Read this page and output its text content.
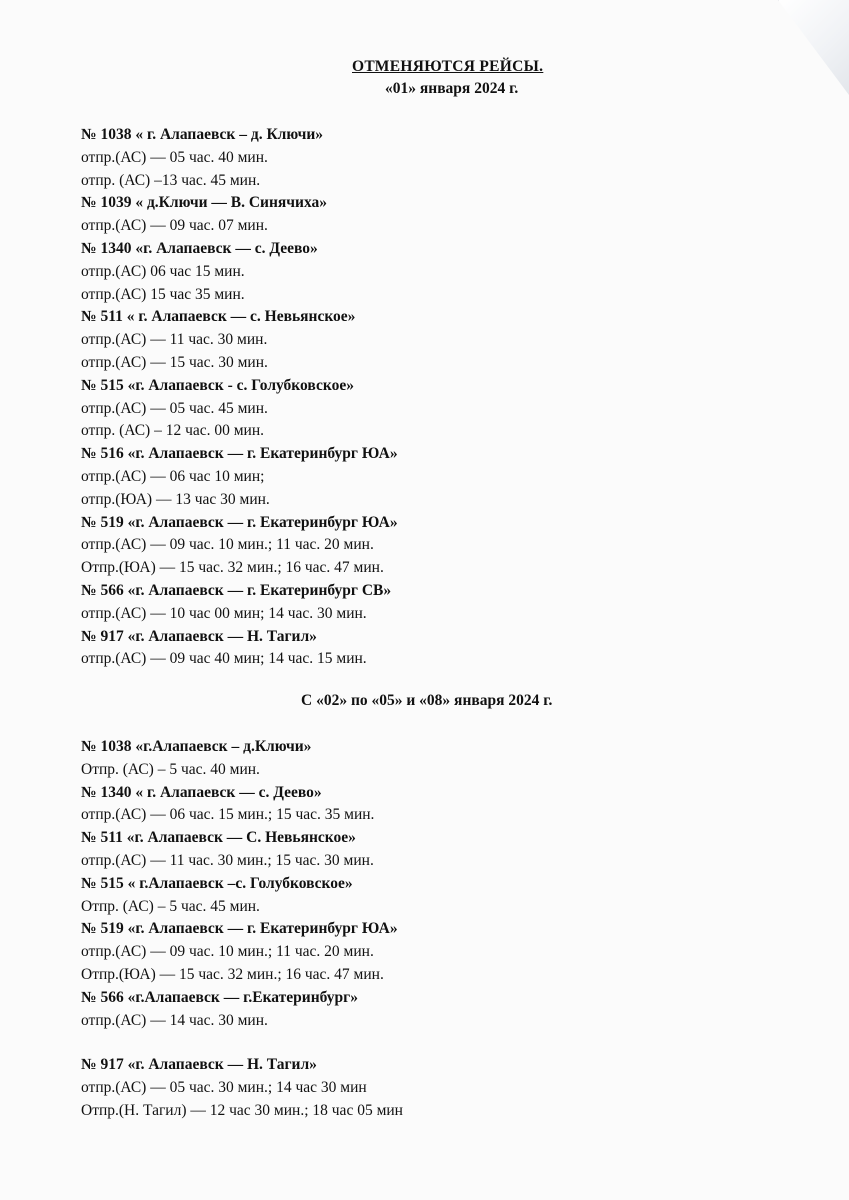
ОТМЕНЯЮТСЯ РЕЙСЫ.
«01» января 2024 г.
№ 1038 « г. Алапаевск – д. Ключи»
отпр.(АС) — 05 час. 40 мин.
отпр. (АС) –13 час. 45 мин.
№ 1039 « д.Ключи — В. Синячиха»
отпр.(АС) — 09 час. 07 мин.
№ 1340 «г. Алапаевск — с. Деево»
отпр.(АС) 06 час 15 мин.
отпр.(АС) 15 час 35 мин.
№ 511 « г. Алапаевск — с. Невьянское»
отпр.(АС) — 11 час. 30 мин.
отпр.(АС) — 15 час. 30 мин.
№ 515 «г. Алапаевск - с. Голубковское»
отпр.(АС) — 05 час. 45 мин.
отпр. (АС) – 12 час. 00 мин.
№ 516 «г. Алапаевск — г. Екатеринбург ЮА»
отпр.(АС) — 06 час 10 мин;
отпр.(ЮА) — 13 час 30 мин.
№ 519 «г. Алапаевск — г. Екатеринбург ЮА»
отпр.(АС) — 09 час. 10 мин.; 11 час. 20 мин.
Отпр.(ЮА) — 15 час. 32 мин.; 16 час. 47 мин.
№ 566 «г. Алапаевск — г. Екатеринбург СВ»
отпр.(АС) — 10 час 00 мин; 14 час. 30 мин.
№ 917 «г. Алапаевск — Н. Тагил»
отпр.(АС) — 09 час 40 мин; 14 час. 15 мин.
С «02» по «05» и «08» января 2024 г.
№ 1038 «г.Алапаевск – д.Ключи»
Отпр. (АС) – 5 час. 40 мин.
№ 1340 « г. Алапаевск — с. Деево»
отпр.(АС) — 06 час. 15 мин.; 15 час. 35 мин.
№ 511 «г. Алапаевск — С. Невьянское»
отпр.(АС) — 11 час. 30 мин.; 15 час. 30 мин.
№ 515 « г.Алапаевск –с. Голубковское»
Отпр. (АС) – 5 час. 45 мин.
№ 519 «г. Алапаевск — г. Екатеринбург ЮА»
отпр.(АС) — 09 час. 10 мин.; 11 час. 20 мин.
Отпр.(ЮА) — 15 час. 32 мин.; 16 час. 47 мин.
№ 566 «г.Алапаевск — г.Екатеринбург»
отпр.(АС) — 14 час. 30 мин.
№ 917 «г. Алапаевск — Н. Тагил»
отпр.(АС) — 05 час. 30 мин.; 14 час 30 мин
Отпр.(Н. Тагил) — 12 час 30 мин.; 18 час 05 мин
